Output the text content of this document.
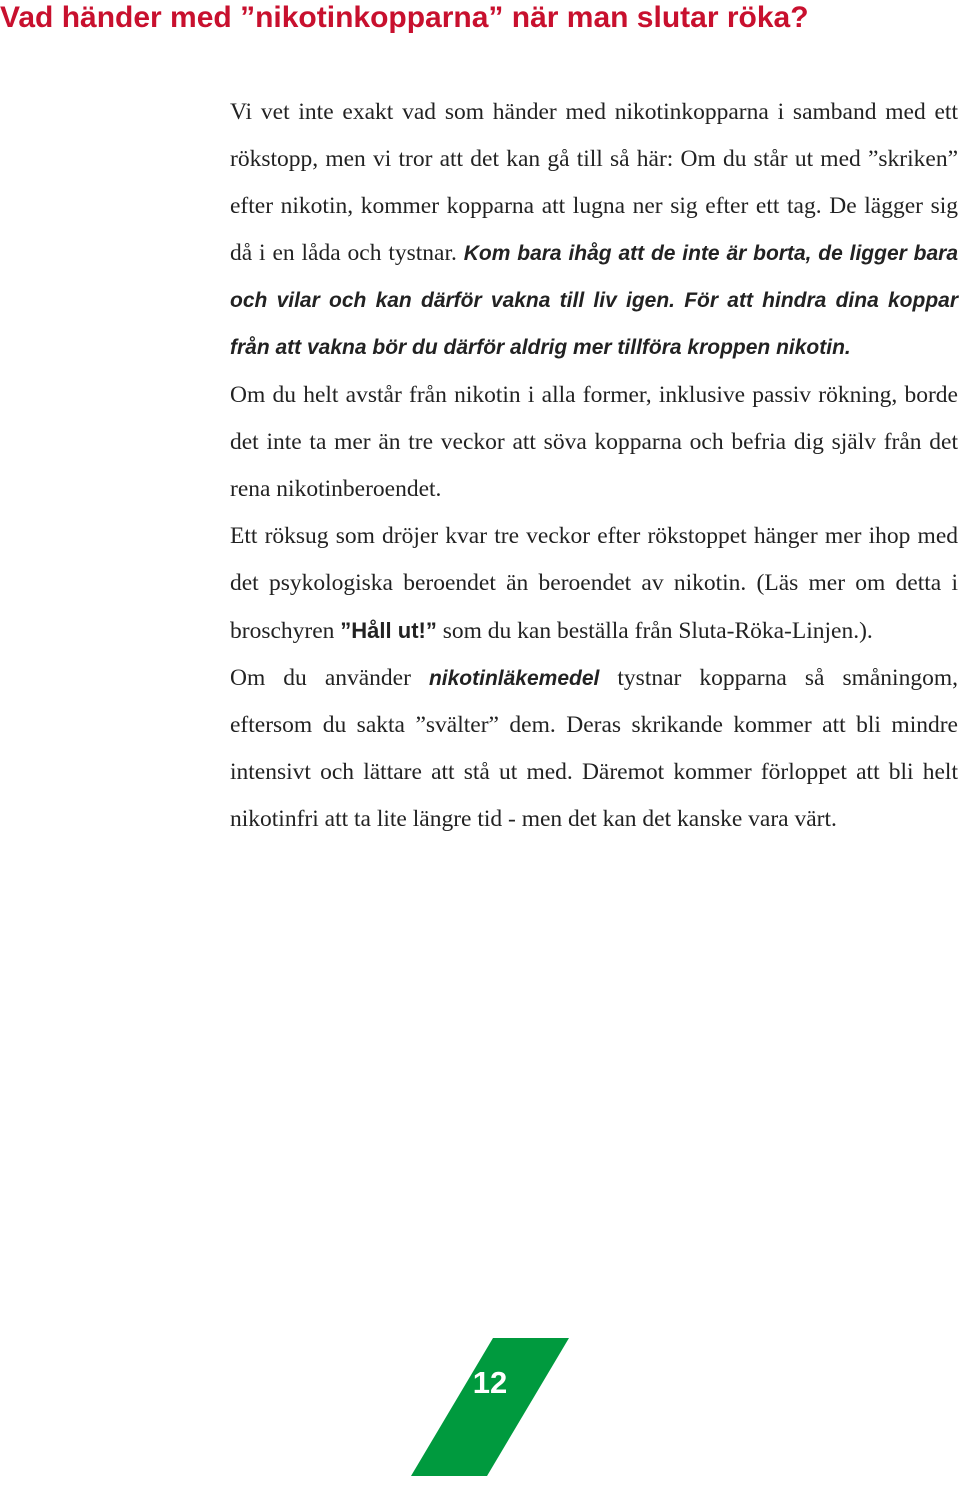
Vad händer med ”nikotinkopparna” när man slutar röka?

Vi vet inte exakt vad som händer med nikotinkopparna i samband med ett rökstopp, men vi tror att det kan gå till så här: Om du står ut med ”skriken” efter nikotin, kommer kopparna att lugna ner sig efter ett tag. De lägger sig då i en låda och tystnar. Kom bara ihåg att de inte är borta, de ligger bara och vilar och kan därför vakna till liv igen. För att hindra dina koppar från att vakna bör du därför aldrig mer tillföra kroppen nikotin.

Om du helt avstår från nikotin i alla former, inklusive passiv rökning, borde det inte ta mer än tre veckor att söva kopparna och befria dig själv från det rena nikotinberoendet.

Ett röksug som dröjer kvar tre veckor efter rökstoppet hänger mer ihop med det psykologiska beroendet än beroendet av nikotin. (Läs mer om detta i broschyren ”Håll ut!” som du kan beställa från Sluta-Röka-Linjen.).

Om du använder nikotinläkemedel tystnar kopparna så småningom, eftersom du sakta ”svälter” dem. Deras skrikande kommer att bli mindre intensivt och lättare att stå ut med. Däremot kommer förloppet att bli helt nikotinfri att ta lite längre tid - men det kan det kanske vara värt.

12
